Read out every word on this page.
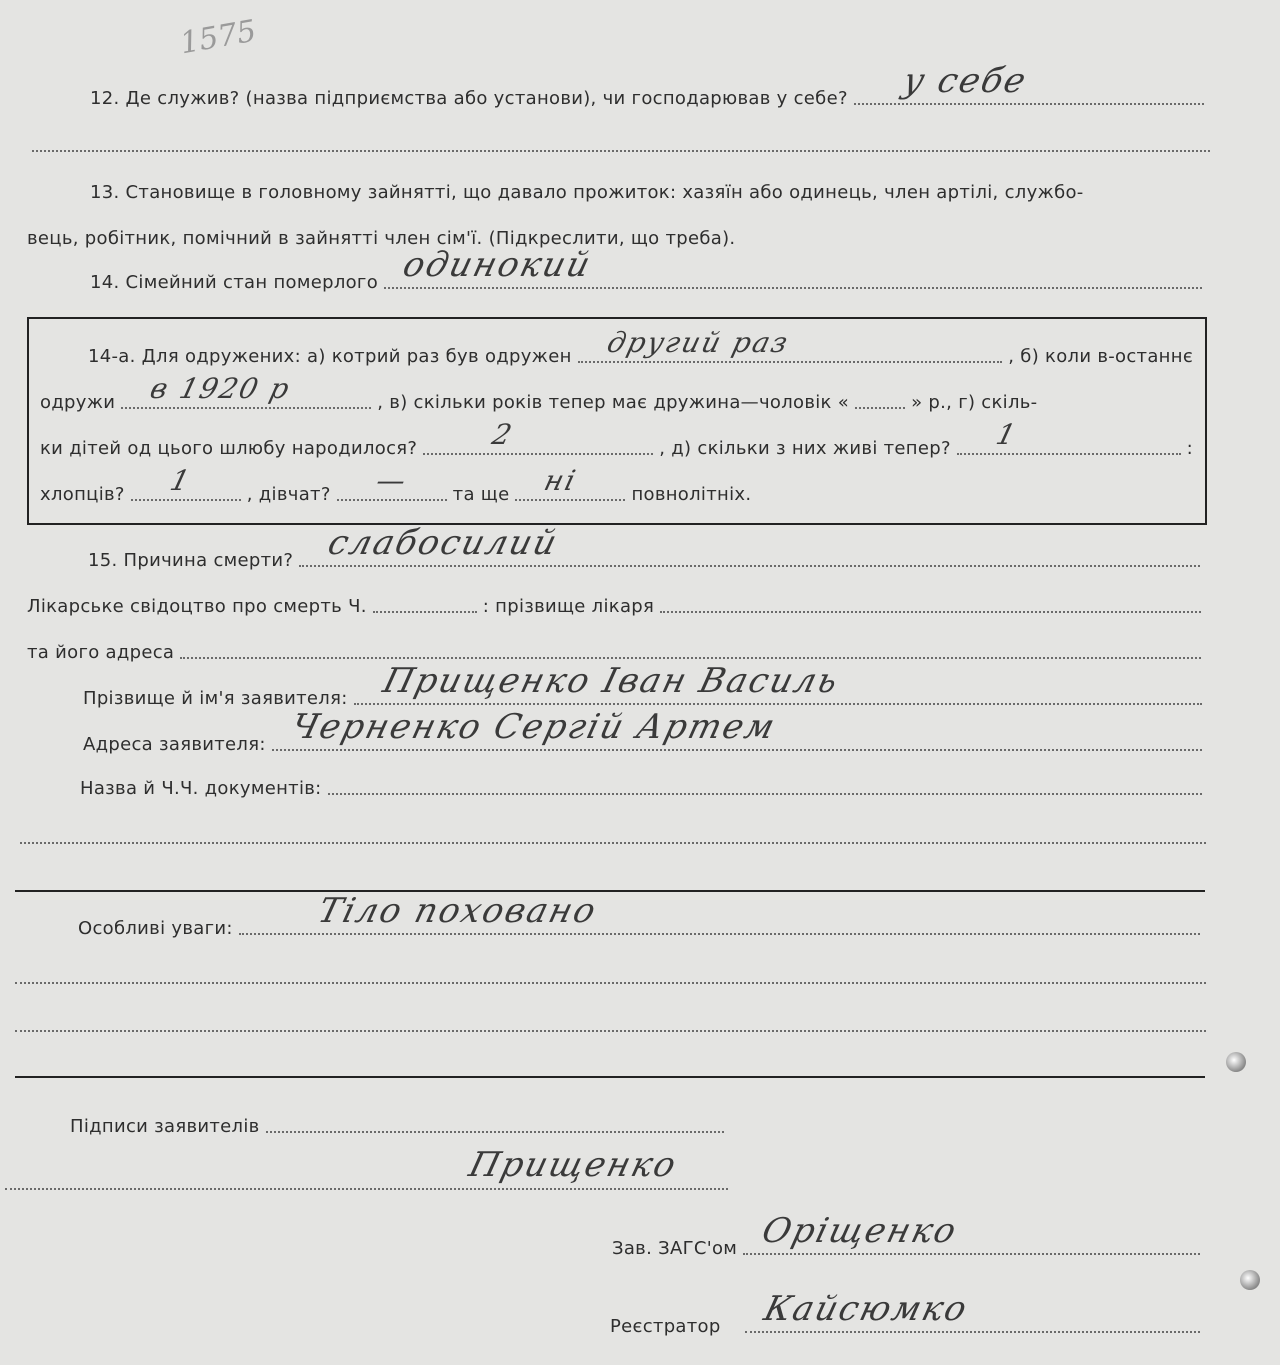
1575
12. Де служив? (назва підприємства або установи), чи господарював у себе? у себе
13. Становище в головному зайнятті, що давало прожиток: хазяїн або одинець, член артілі, службо-
вець, робітник, помічний в зайнятті член сім'ї. (Підкреслити, що треба).
14. Сімейний стан померлого одинокий
14-а. Для одружених: а) котрий раз був одружен другий раз	, б) коли в-останнє
одружи в 1920 р	, в) скільки років тепер має дружина—чоловік «	» р., г) скіль-
ки дітей од цього шлюбу народилося?	2	, д) скільки з них живі тепер? 1	:
хлопців? 1	, дівчат? — та ще ні	повнолітніх.
15. Причина смерти? слабосилий
Лікарське свідоцтво про смерть Ч.	: прізвище лікаря
та його адреса
Прізвище й ім'я заявителя: Прищенко Іван Василь
Адреса заявителя: Черненко Сергій Артем
Назва й Ч.Ч. документів:
Особливі уваги: Тіло поховано
Підписи заявителів
Прищенко
Зав. ЗАГС'ом Оріщенко
Реєстратор Кайсюмко
